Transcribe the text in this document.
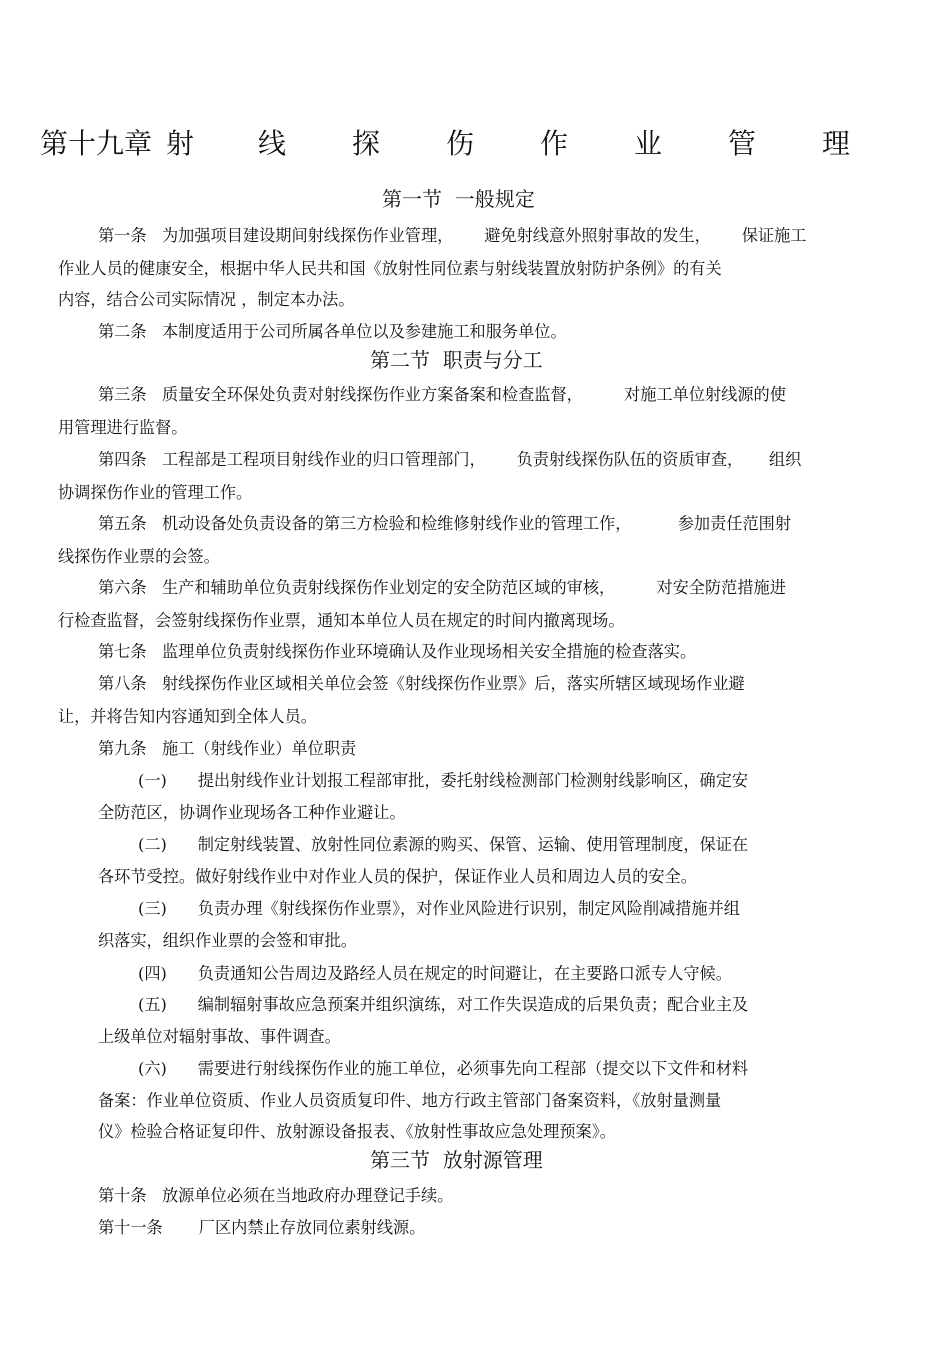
第十九章 射 线 探 伤 作 业 管 理
第一节  一般规定
第一条   为加强项目建设期间射线探伤作业管理，      避免射线意外照射事故的发生，      保证施工
作业人员的健康安全，根据中华人民共和国《放射性同位素与射线装置放射防护条例》的有关
内容，结合公司实际情况 ，制定本办法。
第二条   本制度适用于公司所属各单位以及参建施工和服务单位。
第二节  职责与分工
第三条   质量安全环保处负责对射线探伤作业方案备案和检查监督，        对施工单位射线源的使
用管理进行监督。
第四条   工程部是工程项目射线作业的归口管理部门，      负责射线探伤队伍的资质审查，     组织
协调探伤作业的管理工作。
第五条   机动设备处负责设备的第三方检验和检维修射线作业的管理工作，         参加责任范围射
线探伤作业票的会签。
第六条   生产和辅助单位负责射线探伤作业划定的安全防范区域的审核，        对安全防范措施进
行检查监督，会签射线探伤作业票，通知本单位人员在规定的时间内撤离现场。
第七条   监理单位负责射线探伤作业环境确认及作业现场相关安全措施的检查落实。
第八条   射线探伤作业区域相关单位会签《射线探伤作业票》后，落实所辖区域现场作业避
让，并将告知内容通知到全体人员。
第九条   施工（射线作业）单位职责
(一)      提出射线作业计划报工程部审批，委托射线检测部门检测射线影响区，确定安
全防范区，协调作业现场各工种作业避让。
(二)      制定射线装置、放射性同位素源的购买、保管、运输、使用管理制度，保证在
各环节受控。做好射线作业中对作业人员的保护，保证作业人员和周边人员的安全。
(三)      负责办理《射线探伤作业票》，对作业风险进行识别，制定风险削减措施并组
织落实，组织作业票的会签和审批。
(四)      负责通知公告周边及路经人员在规定的时间避让，在主要路口派专人守候。
(五)      编制辐射事故应急预案并组织演练，对工作失误造成的后果负责；配合业主及
上级单位对辐射事故、事件调查。
(六)      需要进行射线探伤作业的施工单位，必须事先向工程部（提交以下文件和材料
备案：作业单位资质、作业人员资质复印件、地方行政主管部门备案资料，《放射量测量
仪》检验合格证复印件、放射源设备报表、《放射性事故应急处理预案》。
第三节  放射源管理
第十条   放源单位必须在当地政府办理登记手续。
第十一条       厂区内禁止存放同位素射线源。
